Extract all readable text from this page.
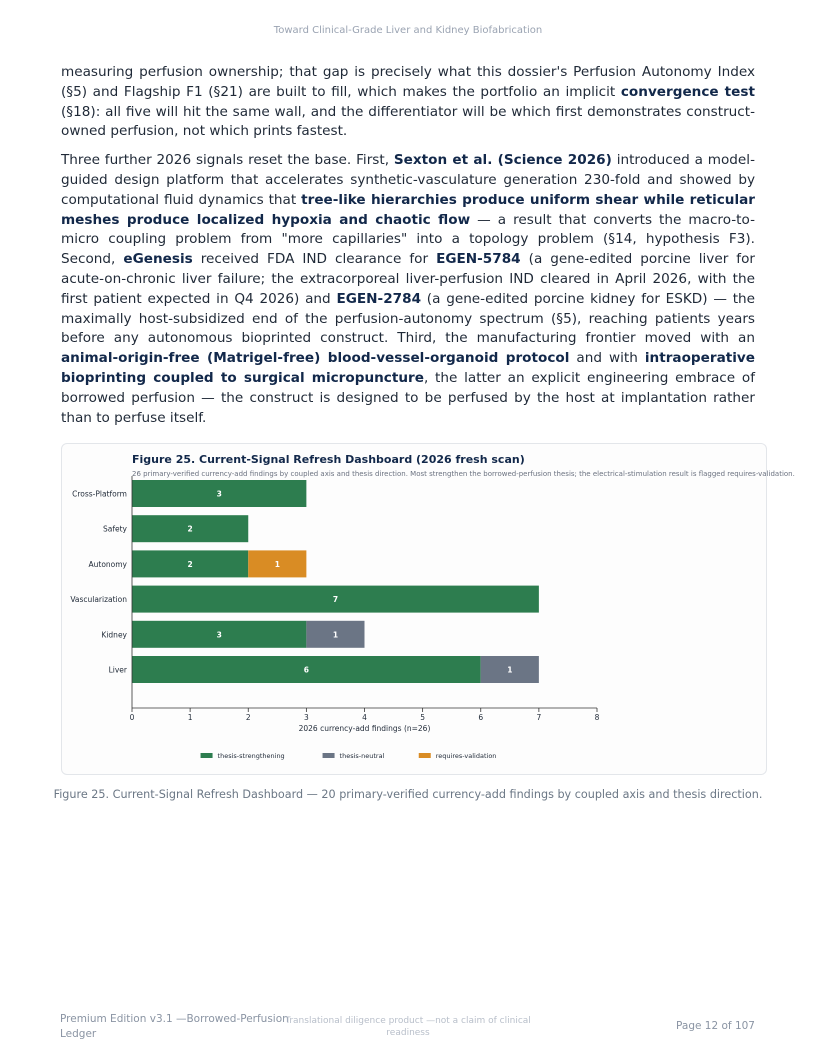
Toward Clinical-Grade Liver and Kidney Biofabrication

measuring perfusion ownership; that gap is precisely what this dossier's Perfusion Autonomy Index (§5) and Flagship F1 (§21) are built to fill, which makes the portfolio an implicit convergence test (§18): all five will hit the same wall, and the differentiator will be which first demonstrates construct-owned perfusion, not which prints fastest.

Three further 2026 signals reset the base. First, Sexton et al. (Science 2026) introduced a model-guided design platform that accelerates synthetic-vasculature generation 230-fold and showed by computational fluid dynamics that tree-like hierarchies produce uniform shear while reticular meshes produce localized hypoxia and chaotic flow — a result that converts the macro-to-micro coupling problem from "more capillaries" into a topology problem (§14, hypothesis F3). Second, eGenesis received FDA IND clearance for EGEN-5784 (a gene-edited porcine liver for acute-on-chronic liver failure; the extracorporeal liver-perfusion IND cleared in April 2026, with the first patient expected in Q4 2026) and EGEN-2784 (a gene-edited porcine kidney for ESKD) — the maximally host-subsidized end of the perfusion-autonomy spectrum (§5), reaching patients years before any autonomous bioprinted construct. Third, the manufacturing frontier moved with an animal-origin-free (Matrigel-free) blood-vessel-organoid protocol and with intraoperative bioprinting coupled to surgical micropuncture, the latter an explicit engineering embrace of borrowed perfusion — the construct is designed to be perfused by the host at implantation rather than to perfuse itself.

Figure 25. Current-Signal Refresh Dashboard (2026 fresh scan)
26 primary-verified currency-add findings by coupled axis and thesis direction. Most strengthen the borrowed-perfusion thesis; the electrical-stimulation result is flagged requires-validation.
3
Cross-Platform
2
Safety
2	1
Autonomy
7
Vascularization
3	1
Kidney
6	1
Liver
0	1	2	3	4	5	6	7	8
2026 currency-add findings (n=26)
thesis-strengthening	thesis-neutral	requires-validation
Figure 25. Current-Signal Refresh Dashboard — 20 primary-verified currency-add findings by coupled axis and thesis direction.
Premium Edition v3.1 —Borrowed-Perfusion Ledger
Translational diligence product —not a claim of clinical readiness
Page 12 of 107
